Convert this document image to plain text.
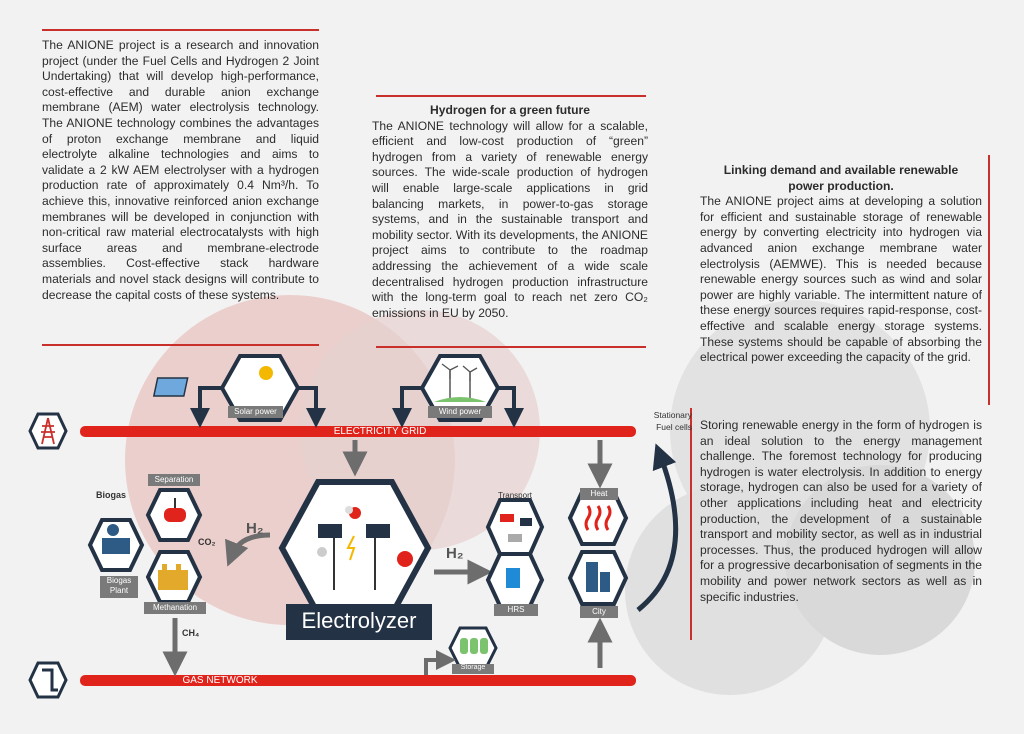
The ANIONE project is a research and innovation project (under the Fuel Cells and Hydrogen 2 Joint Undertaking) that will develop high-performance, cost-effective and durable anion exchange membrane (AEM) water electrolysis technology. The ANIONE technology combines the advantages of proton exchange membrane and liquid electrolyte alkaline technologies and aims to validate a 2 kW AEM electrolyser with a hydrogen production rate of approximately 0.4 Nm³/h. To achieve this, innovative reinforced anion exchange membranes will be developed in conjunction with non-critical raw material electrocatalysts with high surface areas and membrane-electrode assemblies. Cost-effective stack hardware materials and novel stack designs will contribute to decrease the capital costs of these systems.
Hydrogen for a green future
The ANIONE technology will allow for a scalable, efficient and low-cost production of “green” hydrogen from a variety of renewable energy sources. The wide-scale production of hydrogen will enable large-scale applications in grid balancing markets, in power-to-gas storage systems, and in the sustainable transport and mobility sector. With its developments, the ANIONE project aims to contribute to the roadmap addressing the achievement of a wide scale decentralised hydrogen production infrastructure with the long-term goal to reach net zero CO₂ emissions in EU by 2050.
Linking demand and available renewable power production.
The ANIONE project aims at developing a solution for efficient and sustainable storage of renewable energy by converting electricity into hydrogen via advanced anion exchange membrane water electrolysis (AEMWE). This is needed because renewable energy sources such as wind and solar power are highly variable. The intermittent nature of these energy sources requires rapid-response, cost-effective and scalable energy storage systems. These systems should be capable of absorbing the electrical power exceeding the capacity of the grid.
Storing renewable energy in the form of hydrogen is an ideal solution to the energy management challenge. The foremost technology for producing hydrogen is water electrolysis. In addition to energy storage, hydrogen can also be used for a variety of other applications including heat and electricity production, the development of a sustainable transport and mobility sector, as well as in industrial processes. Thus, the produced hydrogen will allow for a progressive decarbonisation of segments in the mobility and power network sectors as well as in specific industries.
Solar power	Wind power
ELECTRICITY GRID
GAS NETWORK
Stationary
Fuel cells
Biogas
Separation
CO₂
Biogas
Plant
Methanation
H₂
H₂
CH₄	Electrolyzer
Transport
HRS
Heat
City
Storage
